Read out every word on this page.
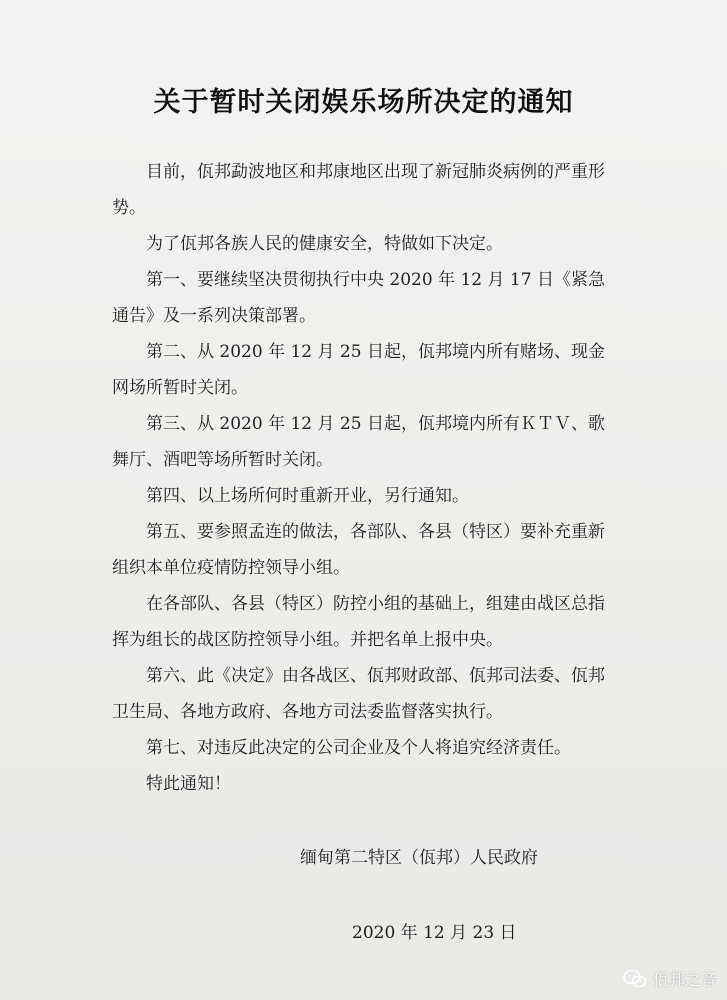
关于暂时关闭娱乐场所决定的通知

目前，佤邦勐波地区和邦康地区出现了新冠肺炎病例的严重形势。

为了佤邦各族人民的健康安全，特做如下决定。

第一、要继续坚决贯彻执行中央 2020 年 12 月 17 日《紧急通告》及一系列决策部署。

第二、从 2020 年 12 月 25 日起，佤邦境内所有赌场、现金网场所暂时关闭。

第三、从 2020 年 12 月 25 日起，佤邦境内所有ＫＴＶ、歌舞厅、酒吧等场所暂时关闭。

第四、以上场所何时重新开业，另行通知。

第五、要参照孟连的做法，各部队、各县（特区）要补充重新组织本单位疫情防控领导小组。

在各部队、各县（特区）防控小组的基础上，组建由战区总指挥为组长的战区防控领导小组。并把名单上报中央。

第六、此《决定》由各战区、佤邦财政部、佤邦司法委、佤邦卫生局、各地方政府、各地方司法委监督落实执行。

第七、对违反此决定的公司企业及个人将追究经济责任。

特此通知！

缅甸第二特区（佤邦）人民政府
2020 年 12 月 23 日
佤邦之音
